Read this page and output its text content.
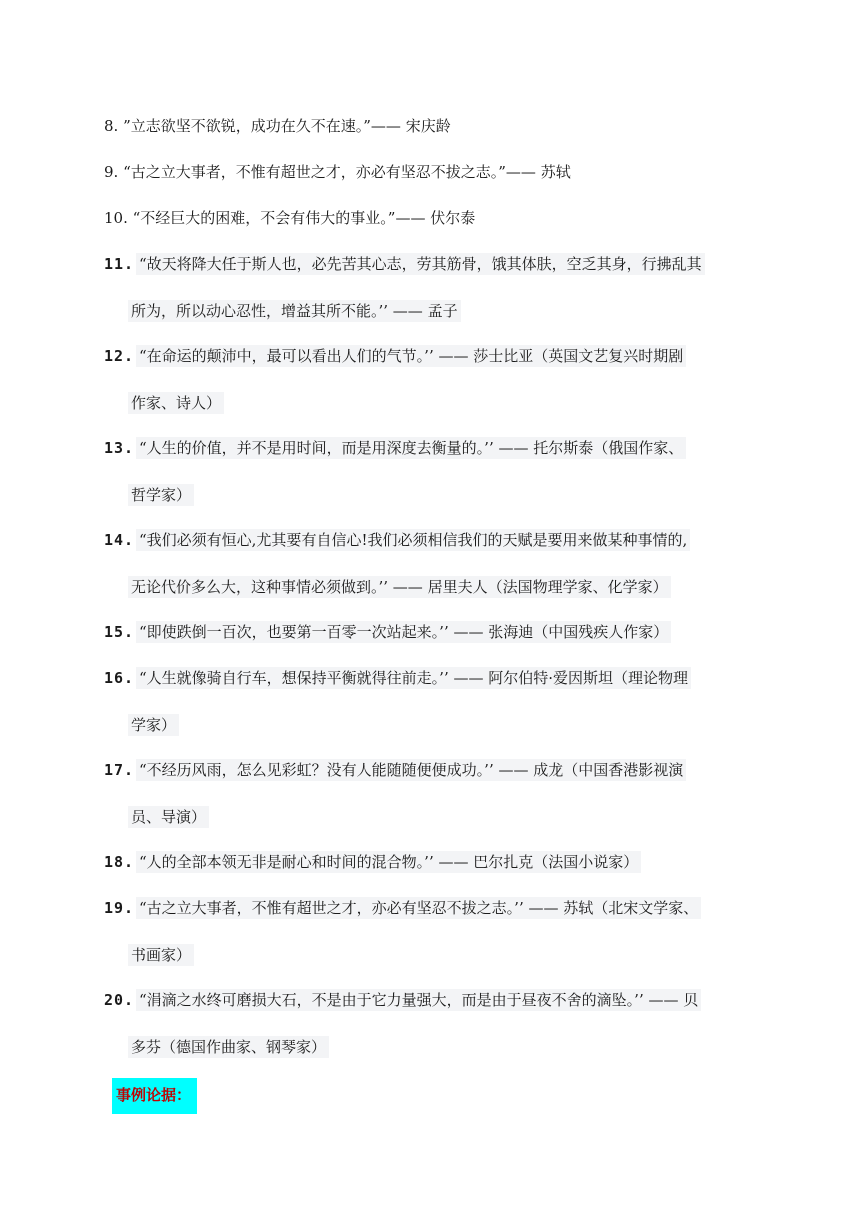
8. ”立志欲坚不欲锐，成功在久不在速。”—— 宋庆龄
9. “古之立大事者，不惟有超世之才，亦必有坚忍不拔之志。”—— 苏轼
10. “不经巨大的困难，不会有伟大的事业。”—— 伏尔泰
11. “故天将降大任于斯人也，必先苦其心志，劳其筋骨，饿其体肤，空乏其身，行拂乱其
所为，所以动心忍性，增益其所不能。’’ —— 孟子
12. “在命运的颠沛中，最可以看出人们的气节。’’ —— 莎士比亚（英国文艺复兴时期剧
作家、诗人）
13. “人生的价值，并不是用时间，而是用深度去衡量的。’’ —— 托尔斯泰（俄国作家、
哲学家）
14. “我们必须有恒心,尤其要有自信心!我们必须相信我们的天赋是要用来做某种事情的,
无论代价多么大，这种事情必须做到。’’ —— 居里夫人（法国物理学家、化学家）
15. “即使跌倒一百次，也要第一百零一次站起来。’’ —— 张海迪（中国残疾人作家）
16. “人生就像骑自行车，想保持平衡就得往前走。’’ —— 阿尔伯特·爱因斯坦（理论物理
学家）
17. “不经历风雨，怎么见彩虹？没有人能随随便便成功。’’ —— 成龙（中国香港影视演
员、导演）
18. “人的全部本领无非是耐心和时间的混合物。’’ —— 巴尔扎克（法国小说家）
19. “古之立大事者，不惟有超世之才，亦必有坚忍不拔之志。’’ —— 苏轼（北宋文学家、
书画家）
20. “涓滴之水终可磨损大石，不是由于它力量强大，而是由于昼夜不舍的滴坠。’’ —— 贝
多芬（德国作曲家、钢琴家）
事例论据：
